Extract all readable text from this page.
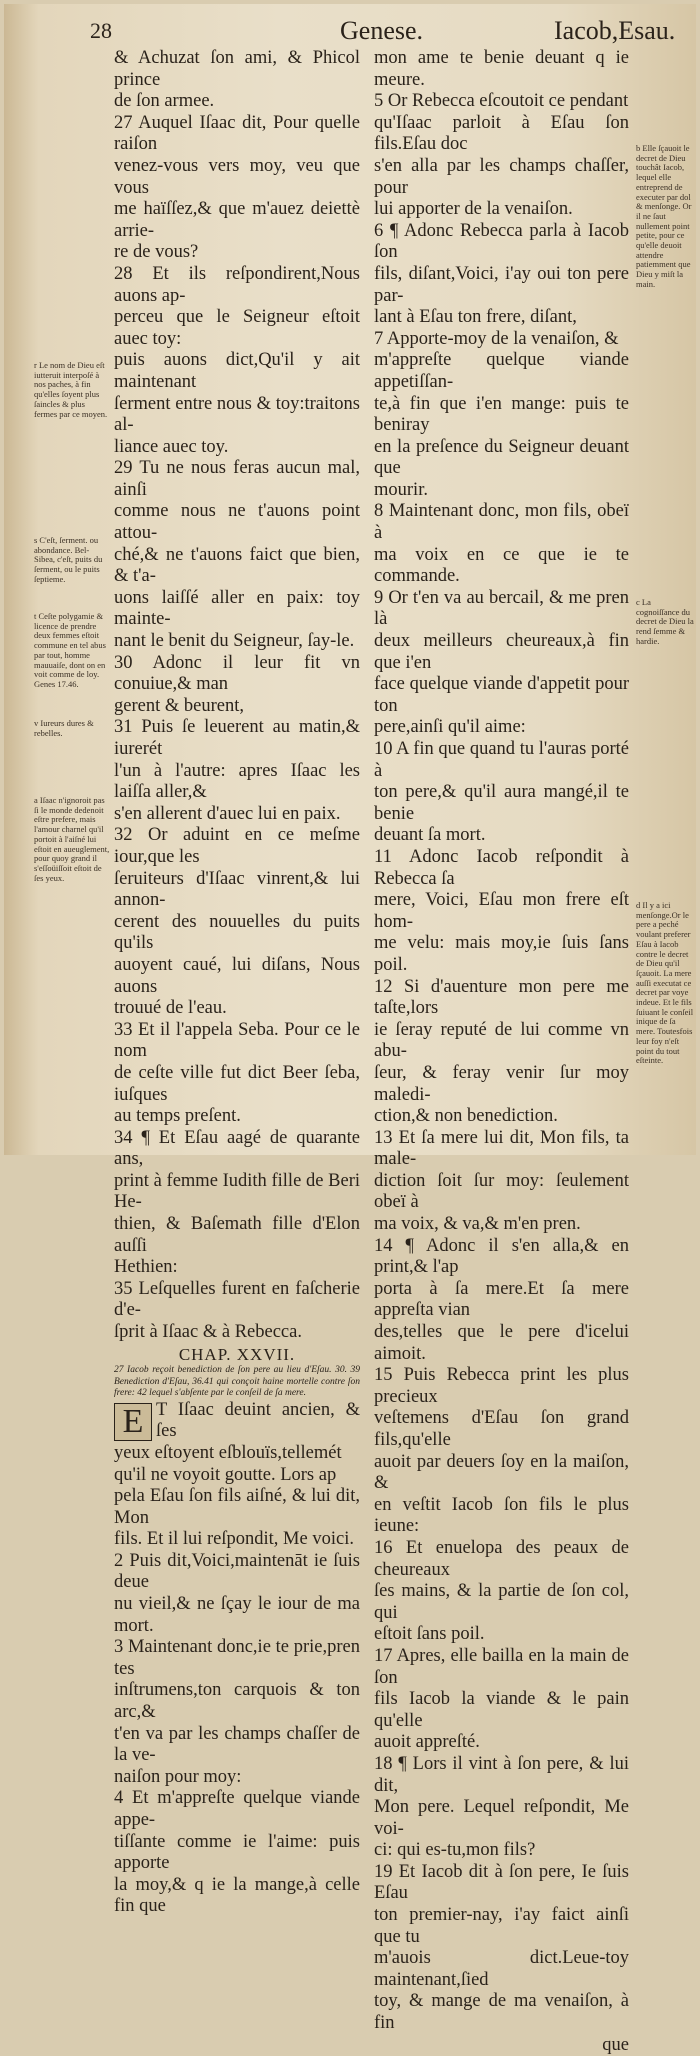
28	Genese.	Iacob,Esau.
r Le nom de Dieu eſt iutteruit interpoſé à nos paches, à fin qu'elles ſoyent plus ſaincles & plus fermes par ce moyen.
s C'eſt, ſerment. ou abondance. Bel-Sibea, c'eſt, puits du ſerment, ou le puits ſeptieme.
t Ceſte polygamie & licence de prendre deux femmes eſtoit commune en tel abus par tout, homme mauuaiſe, dont on en voit comme de loy. Genes 17.46.
v Iureurs dures & rebelles.
a Iſaac n'ignoroit pas ſi le monde dedenoit eſtre prefere, mais l'amour charnel qu'il portoit à l'aiſné lui eſtoit en aueuglement, pour quoy grand il s'eſſoüiſſoit eſtoit de ſes yeux.
b Elle ſçauoit le decret de Dieu touchât Iacob, lequel elle entreprend de executer par dol & menſonge. Or il ne ſaut nullement point petite, pour ce qu'elle deuoit attendre patiemment que Dieu y miſt la main.
c La cognoiſſance du decret de Dieu la rend ſemme & hardie.
d Il y a ici menſonge.Or le pere a peché voulant preferer Eſau à Iacob contre le decret de Dieu qu'il ſçauoit. La mere auſſi executat ce decret par voye indeue. Et le fils ſuiuant le conſeil inique de ſa mere. Toutesfois leur foy n'eſt point du tout eſteinte.

& Achuzat ſon ami, & Phicol prince

de ſon armee.

27 Auquel Iſaac dit, Pour quelle raiſon

venez-vous vers moy, veu que vous

me haïſſez,& que m'auez deiettè arrie-

re de vous?

28 Et ils reſpondirent,Nous auons ap-

perceu que le Seigneur eſtoit auec toy:

puis auons dict,Qu'il y ait maintenant

ſerment entre nous & toy:traitons al-

liance auec toy.

29 Tu ne nous feras aucun mal, ainſi

comme nous ne t'auons point attou-

ché,& ne t'auons faict que bien, & t'a-

uons laiſſé aller en paix: toy mainte-

nant le benit du Seigneur, ſay-le.

30 Adonc il leur fit vn conuiue,& man

gerent & beurent,

31 Puis ſe leuerent au matin,& iurerét

l'un à l'autre: apres Iſaac les laiſſa aller,&

s'en allerent d'auec lui en paix.

32 Or aduint en ce meſme iour,que les

ſeruiteurs d'Iſaac vinrent,& lui annon-

cerent des nouuelles du puits qu'ils

auoyent caué, lui diſans, Nous auons

trouué de l'eau.

33 Et il l'appela Seba. Pour ce le nom

de ceſte ville fut dict Beer ſeba, iuſques

au temps preſent.

34 ¶ Et Eſau aagé de quarante ans,

print à femme Iudith fille de Beri He-

thien, & Baſemath fille d'Elon auſſi

Hethien:

35 Leſquelles furent en faſcherie d'e-

ſprit à Iſaac & à Rebecca.

CHAP. XXVII.

27 Iacob reçoit benediction de ſon pere au lieu d'Eſau. 30. 39 Benediction d'Eſau, 36.41 qui conçoit haine mortelle contre ſon frere: 42 lequel s'abſente par le conſeil de ſa mere.

E T Iſaac deuint ancien, & ſes

yeux eſtoyent eſblouïs,tellemét

qu'il ne voyoit goutte. Lors ap

pela Eſau ſon fils aiſné, & lui dit, Mon

fils. Et il lui reſpondit, Me voici.

2 Puis dit,Voici,maintenāt ie ſuis deue

nu vieil,& ne ſçay le iour de ma mort.

3 Maintenant donc,ie te prie,pren tes

inſtrumens,ton carquois & ton arc,&

t'en va par les champs chaſſer de la ve-

naiſon pour moy:

4 Et m'appreſte quelque viande appe-

tiſſante comme ie l'aime: puis apporte

la moy,& q ie la mange,à celle fin que

mon ame te benie deuant q ie meure.

5 Or Rebecca eſcoutoit ce pendant

qu'Iſaac parloit à Eſau ſon fils.Eſau doc

s'en alla par les champs chaſſer, pour

lui apporter de la venaiſon.

6 ¶ Adonc Rebecca parla à Iacob ſon

fils, diſant,Voici, i'ay oui ton pere par-

lant à Eſau ton frere, diſant,

7 Apporte-moy de la venaiſon, &

m'appreſte quelque viande appetiſſan-

te,à fin que i'en mange: puis te beniray

en la preſence du Seigneur deuant que

mourir.

8 Maintenant donc, mon fils, obeï à

ma voix en ce que ie te commande.

9 Or t'en va au bercail, & me pren là

deux meilleurs cheureaux,à fin que i'en

face quelque viande d'appetit pour ton

pere,ainſi qu'il aime:

10 A fin que quand tu l'auras porté à

ton pere,& qu'il aura mangé,il te benie

deuant ſa mort.

11 Adonc Iacob reſpondit à Rebecca ſa

mere, Voici, Eſau mon frere eſt hom-

me velu: mais moy,ie ſuis ſans poil.

12 Si d'auenture mon pere me taſte,lors

ie ſeray reputé de lui comme vn abu-

ſeur, & feray venir ſur moy maledi-

ction,& non benediction.

13 Et ſa mere lui dit, Mon fils, ta male-

diction ſoit ſur moy: ſeulement obeï à

ma voix, & va,& m'en pren.

14 ¶ Adonc il s'en alla,& en print,& l'ap

porta à ſa mere.Et ſa mere appreſta vian

des,telles que le pere d'icelui aimoit.

15 Puis Rebecca print les plus precieux

veſtemens d'Eſau ſon grand fils,qu'elle

auoit par deuers ſoy en la maiſon, &

en veſtit Iacob ſon fils le plus ieune:

16 Et enuelopa des peaux de cheureaux

ſes mains, & la partie de ſon col, qui

eſtoit ſans poil.

17 Apres, elle bailla en la main de ſon

fils Iacob la viande & le pain qu'elle

auoit appreſté.

18 ¶ Lors il vint à ſon pere, & lui dit,

Mon pere. Lequel reſpondit, Me voi-

ci: qui es-tu,mon fils?

19 Et Iacob dit à ſon pere, Ie ſuis Eſau

ton premier-nay, i'ay faict ainſi que tu

m'auois dict.Leue-toy maintenant,ſied

toy, & mange de ma venaiſon, à fin

que
